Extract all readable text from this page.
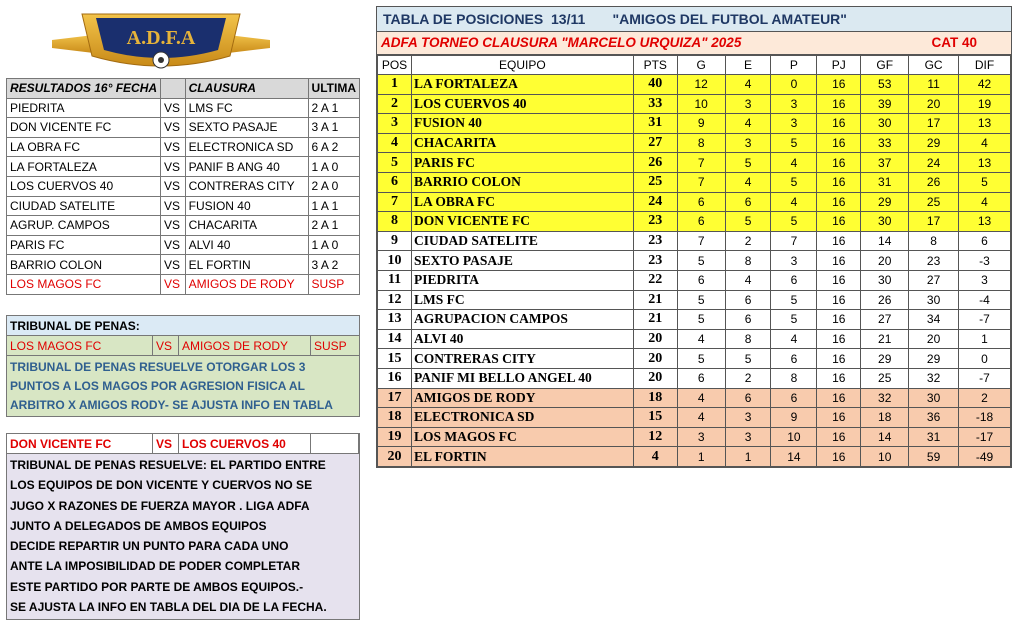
A.D.F.A
RESULTADOS 16° FECHA		CLAUSURA	ULTIMA
PIEDRITA	VS	LMS FC	2 A 1
DON VICENTE FC	VS	SEXTO PASAJE	3 A 1
LA OBRA FC	VS	ELECTRONICA SD	6 A 2
LA FORTALEZA	VS	PANIF B ANG 40	1 A 0
LOS CUERVOS 40	VS	CONTRERAS CITY	2 A 0
CIUDAD SATELITE	VS	FUSION 40	1 A 1
AGRUP. CAMPOS	VS	CHACARITA	2 A 1
PARIS FC	VS	ALVI 40	1 A 0
BARRIO COLON	VS	EL FORTIN	3 A 2
LOS MAGOS FC	VS	AMIGOS DE RODY	SUSP
TRIBUNAL DE PENAS:
LOS MAGOS FC	VS AMIGOS DE RODY	SUSP
TRIBUNAL DE PENAS RESUELVE OTORGAR LOS 3
PUNTOS A LOS MAGOS POR AGRESION FISICA AL
ARBITRO X AMIGOS RODY- SE AJUSTA INFO EN TABLA
DON VICENTE FC	VS LOS CUERVOS 40
TRIBUNAL DE PENAS RESUELVE: EL PARTIDO ENTRE
LOS EQUIPOS DE DON VICENTE Y CUERVOS NO SE
JUGO X RAZONES DE FUERZA MAYOR . LIGA ADFA
JUNTO A DELEGADOS DE AMBOS EQUIPOS
DECIDE REPARTIR UN PUNTO PARA CADA UNO
ANTE LA IMPOSIBILIDAD DE PODER COMPLETAR
ESTE PARTIDO POR PARTE DE AMBOS EQUIPOS.-
SE AJUSTA LA INFO EN TABLA DEL DIA DE LA FECHA.
TABLA DE POSICIONES  13/11       "AMIGOS DEL FUTBOL AMATEUR"
ADFA TORNEO CLAUSURA "MARCELO URQUIZA" 2025	CAT 40
POS	EQUIPO	PTS	G	E	P	PJ	GF	GC	DIF
1	LA FORTALEZA	40	12	4	0	16	53	11	42
2	LOS CUERVOS 40	33	10	3	3	16	39	20	19
3	FUSION 40	31	9	4	3	16	30	17	13
4	CHACARITA	27	8	3	5	16	33	29	4
5	PARIS FC	26	7	5	4	16	37	24	13
6	BARRIO COLON	25	7	4	5	16	31	26	5
7	LA OBRA FC	24	6	6	4	16	29	25	4
8	DON VICENTE FC	23	6	5	5	16	30	17	13
9	CIUDAD SATELITE	23	7	2	7	16	14	8	6
10	SEXTO PASAJE	23	5	8	3	16	20	23	-3
11	PIEDRITA	22	6	4	6	16	30	27	3
12	LMS FC	21	5	6	5	16	26	30	-4
13	AGRUPACION CAMPOS	21	5	6	5	16	27	34	-7
14	ALVI 40	20	4	8	4	16	21	20	1
15	CONTRERAS CITY	20	5	5	6	16	29	29	0
16	PANIF MI BELLO ANGEL 40	20	6	2	8	16	25	32	-7
17	AMIGOS DE RODY	18	4	6	6	16	32	30	2
18	ELECTRONICA SD	15	4	3	9	16	18	36	-18
19	LOS MAGOS FC	12	3	3	10	16	14	31	-17
20	EL FORTIN	4	1	1	14	16	10	59	-49
